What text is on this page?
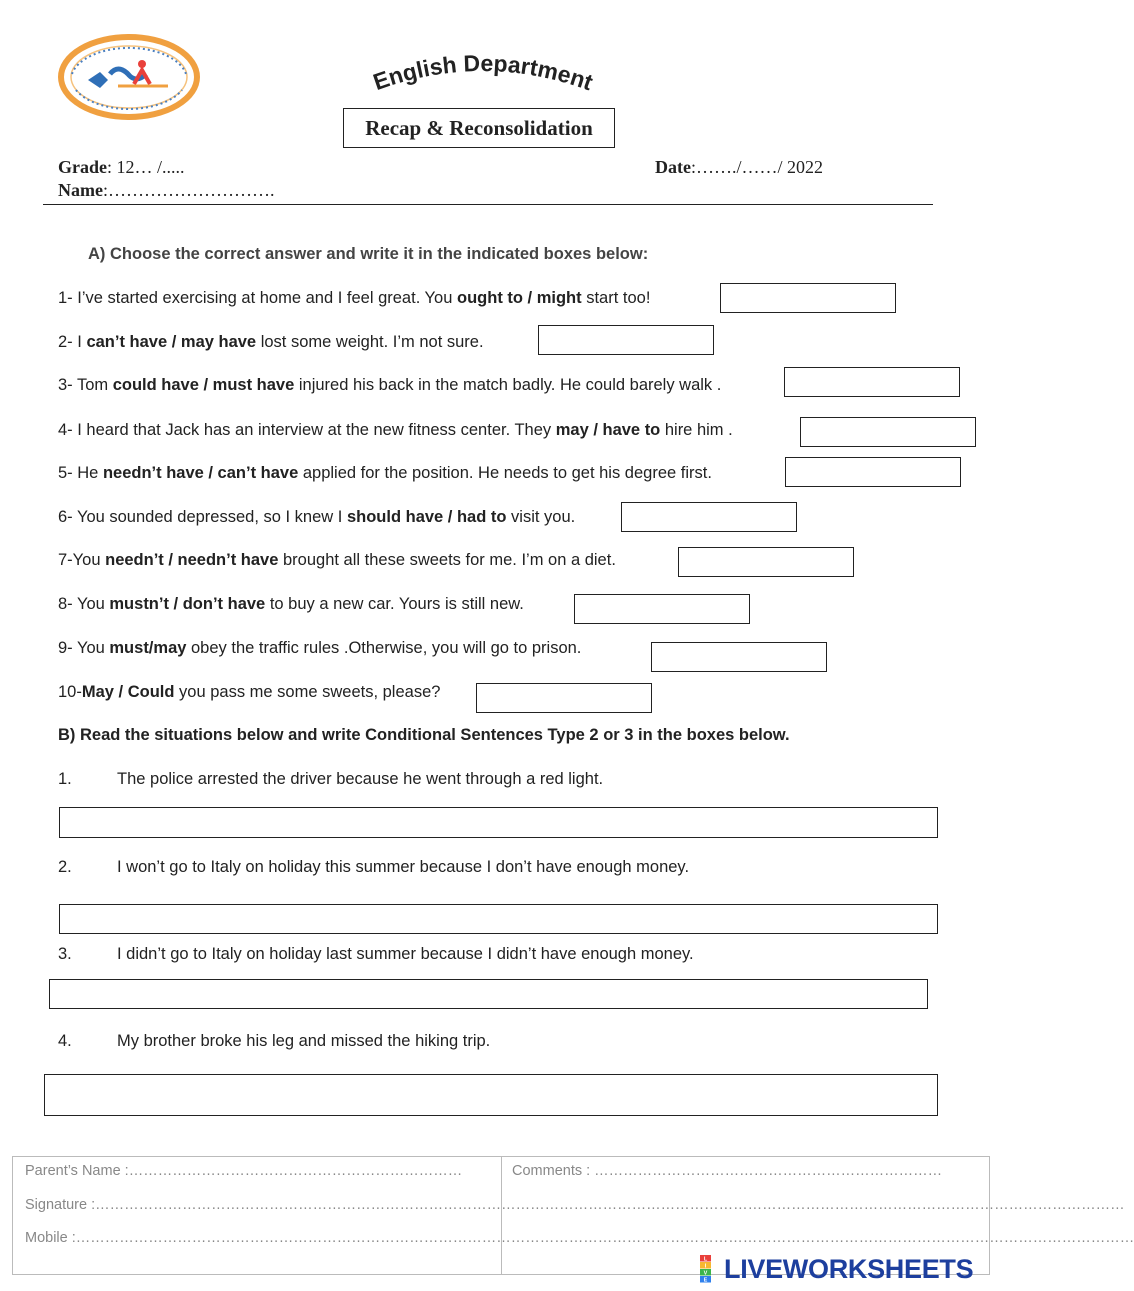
English Department
Recap & Reconsolidation
Grade: 12… /.....	Date:……./……/ 2022
Name:……………………….
A) Choose the correct answer and write it in the indicated boxes below:
1- I’ve started exercising at home and I feel great. You ought to / might start too!
2- I can’t have / may have lost some weight. I’m not sure.
3- Tom could have / must have injured his back in the match badly. He could barely walk .
4- I heard that Jack has an interview at the new fitness center. They may / have to hire him .
5- He needn’t have / can’t have applied for the position. He needs to get his degree first.
6- You sounded depressed, so I knew I should have / had to visit you.
7-You needn’t / needn’t have brought all these sweets for me. I’m on a diet.
8- You mustn’t / don’t have to buy a new car. Yours is still new.
9- You must/may obey the traffic rules .Otherwise, you will go to prison.
10-May / Could you pass me some sweets, please?
B) Read the situations below and write Conditional Sentences Type 2 or 3 in the boxes below.
1.	The police arrested the driver because he went through a red light.
2.	I won’t go to Italy on holiday this summer because I don’t have enough money.
3.	I didn’t go to Italy on holiday last summer because I didn’t have enough money.
4.	My brother broke his leg and missed the hiking trip.
Parent’s Name :……………………………………………………………	Comments : ………………………………………………………………
Signature :……………………………………………………………………………………………………………………………………………………………………………………………
Mobile :…………………………………………………………………………………………………………………………………………………………………………………………………
L
I
V
E LIVEWORKSHEETS
